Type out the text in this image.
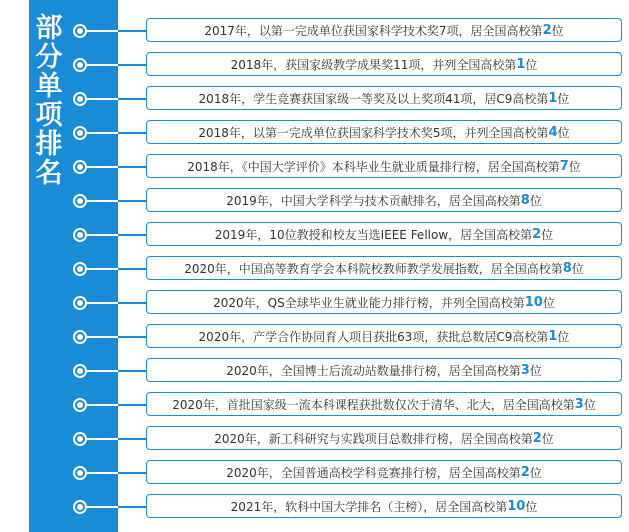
部
分
单
项
排
名
2017年，以第一完成单位获国家科学技术奖7项，居全国高校第 2 位
2018年，获国家级教学成果奖11项，并列全国高校第 1 位
2018年，学生竞赛获国家级一等奖及以上奖项41项，居C9高校第 1 位
2018年，以第一完成单位获国家科学技术奖5项，并列全国高校第 4 位
2018年，《中国大学评价》本科毕业生就业质量排行榜，居全国高校第 7 位
2019年，中国大学科学与技术贡献排名，居全国高校第 8 位
2019年，10位教授和校友当选IEEE Fellow，居全国高校第 2 位
2020年，中国高等教育学会本科院校教师教学发展指数，居全国高校第 8 位
2020年，QS全球毕业生就业能力排行榜，并列全国高校第 10 位
2020年，产学合作协同育人项目获批63项，获批总数居C9高校第 1 位
2020年，全国博士后流动站数量排行榜，居全国高校第 3 位
2020年，首批国家级一流本科课程获批数仅次于清华、北大，居全国高校第 3 位
2020年，新工科研究与实践项目总数排行榜，居全国高校第 2 位
2020年，全国普通高校学科竞赛排行榜，居全国高校第 2 位
2021年，软科中国大学排名（主榜），居全国高校第 10 位
